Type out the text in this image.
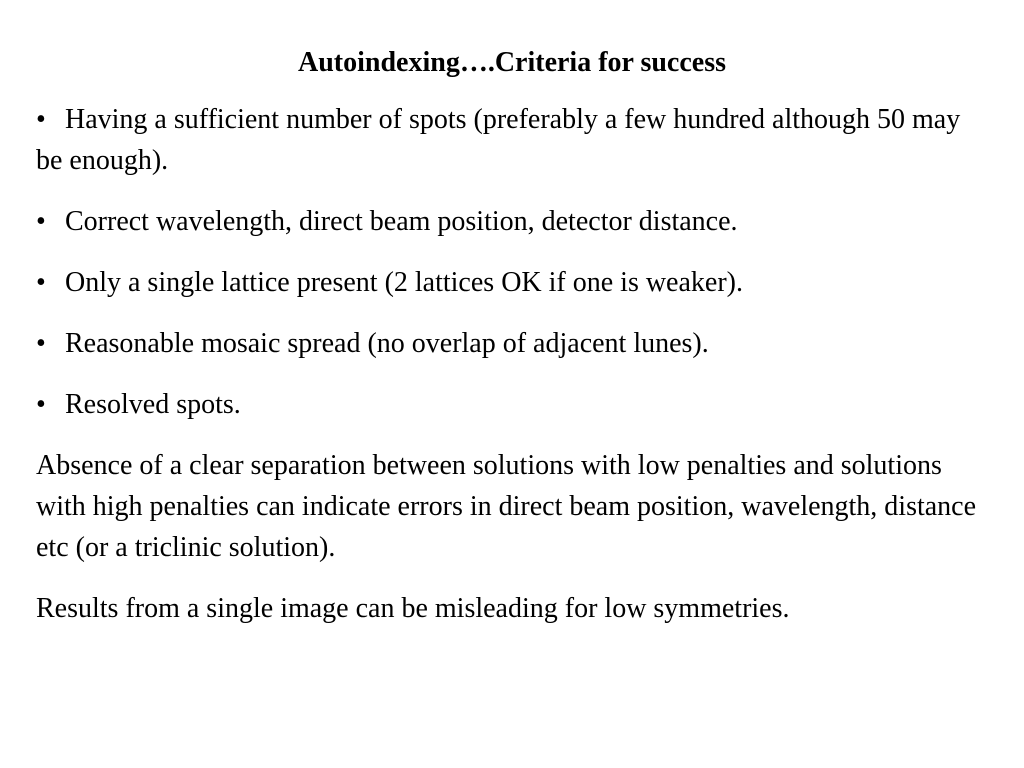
Autoindexing….Criteria for success
• Having a sufficient number of spots (preferably a few hundred although 50 may be enough).
• Correct wavelength, direct beam position, detector distance.
• Only a single lattice present (2 lattices OK if one is weaker).
• Reasonable mosaic spread (no overlap of adjacent lunes).
• Resolved spots.

Absence of a clear separation between solutions with low penalties and solutions with high penalties can indicate errors in direct beam position, wavelength, distance etc (or a triclinic solution).

Results from a single image can be misleading for low symmetries.
